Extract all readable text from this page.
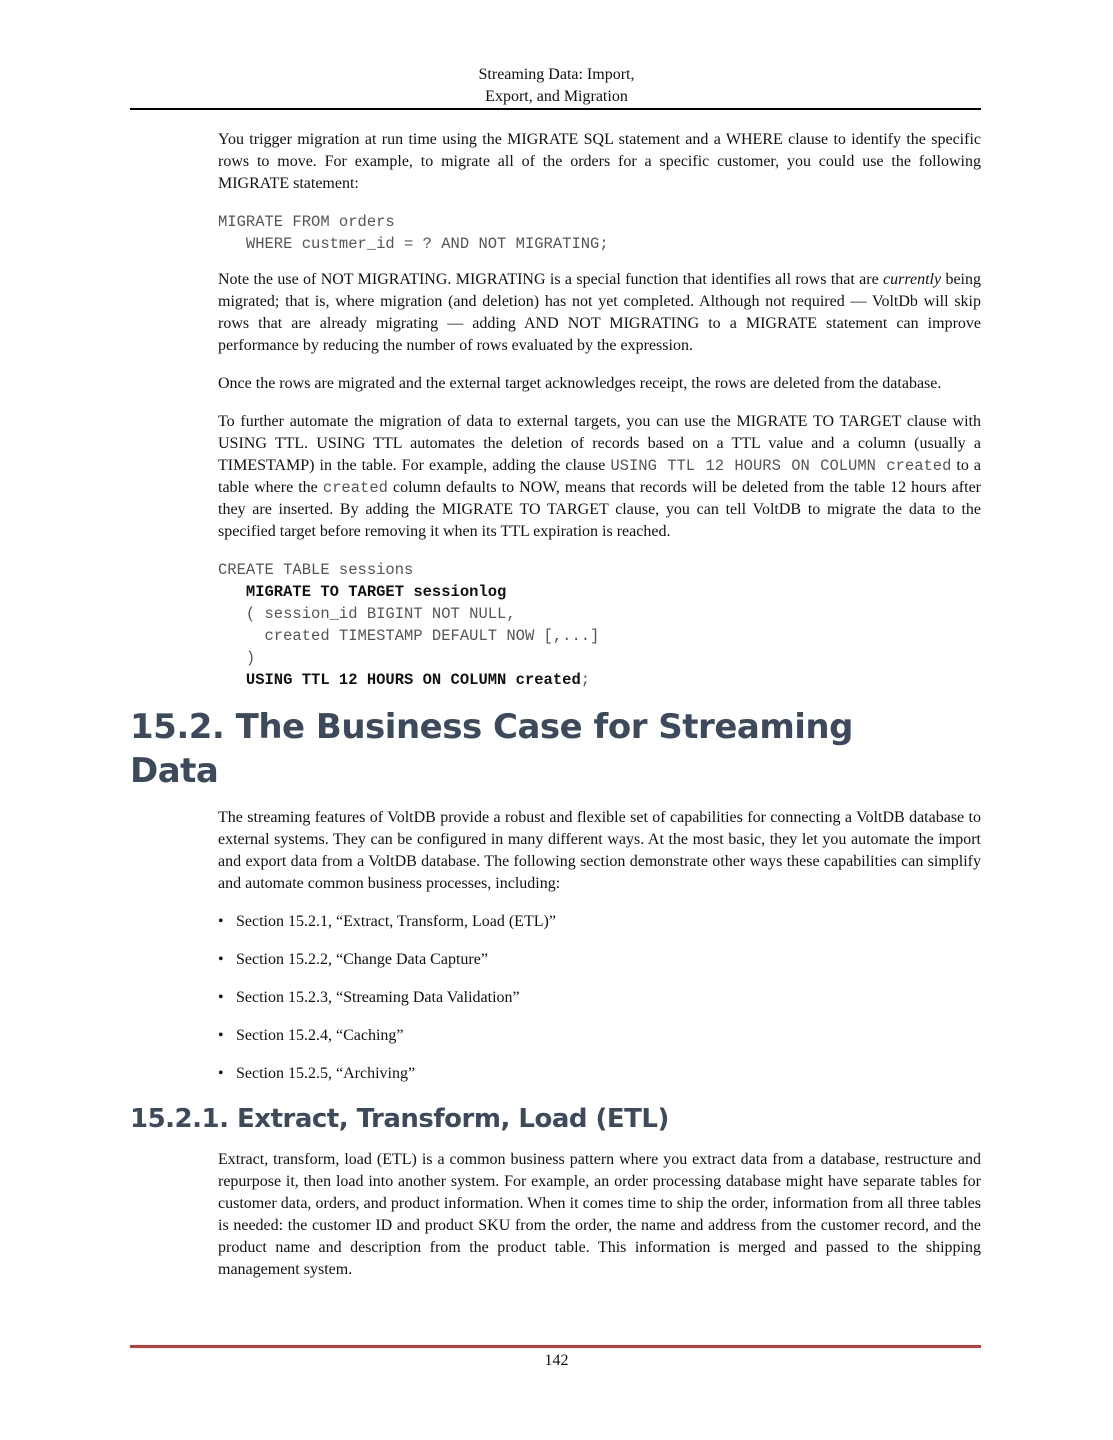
Streaming Data: Import,
Export, and Migration

You trigger migration at run time using the MIGRATE SQL statement and a WHERE clause to identify the specific rows to move. For example, to migrate all of the orders for a specific customer, you could use the following MIGRATE statement:

MIGRATE FROM orders
WHERE custmer_id = ? AND NOT MIGRATING;

Note the use of NOT MIGRATING. MIGRATING is a special function that identifies all rows that are currently being migrated; that is, where migration (and deletion) has not yet completed. Although not required — VoltDb will skip rows that are already migrating — adding AND NOT MIGRATING to a MIGRATE statement can improve performance by reducing the number of rows evaluated by the expression.

Once the rows are migrated and the external target acknowledges receipt, the rows are deleted from the database.

To further automate the migration of data to external targets, you can use the MIGRATE TO TARGET clause with USING TTL. USING TTL automates the deletion of records based on a TTL value and a column (usually a TIMESTAMP) in the table. For example, adding the clause USING TTL 12 HOURS ON COLUMN created to a table where the created column defaults to NOW, means that records will be deleted from the table 12 hours after they are inserted. By adding the MIGRATE TO TARGET clause, you can tell VoltDB to migrate the data to the specified target before removing it when its TTL expiration is reached.

CREATE TABLE sessions
MIGRATE TO TARGET sessionlog
( session_id BIGINT NOT NULL,
created TIMESTAMP DEFAULT NOW [,...]
)
USING TTL 12 HOURS ON COLUMN created;
15.2. The Business Case for Streaming Data

The streaming features of VoltDB provide a robust and flexible set of capabilities for connecting a VoltDB database to external systems. They can be configured in many different ways. At the most basic, they let you automate the import and export data from a VoltDB database. The following section demonstrate other ways these capabilities can simplify and automate common business processes, including:

• Section 15.2.1, “Extract, Transform, Load (ETL)”
• Section 15.2.2, “Change Data Capture”
• Section 15.2.3, “Streaming Data Validation”
• Section 15.2.4, “Caching”
• Section 15.2.5, “Archiving”
15.2.1. Extract, Transform, Load (ETL)

Extract, transform, load (ETL) is a common business pattern where you extract data from a database, restructure and repurpose it, then load into another system. For example, an order processing database might have separate tables for customer data, orders, and product information. When it comes time to ship the order, information from all three tables is needed: the customer ID and product SKU from the order, the name and address from the customer record, and the product name and description from the product table. This information is merged and passed to the shipping management system.

142
